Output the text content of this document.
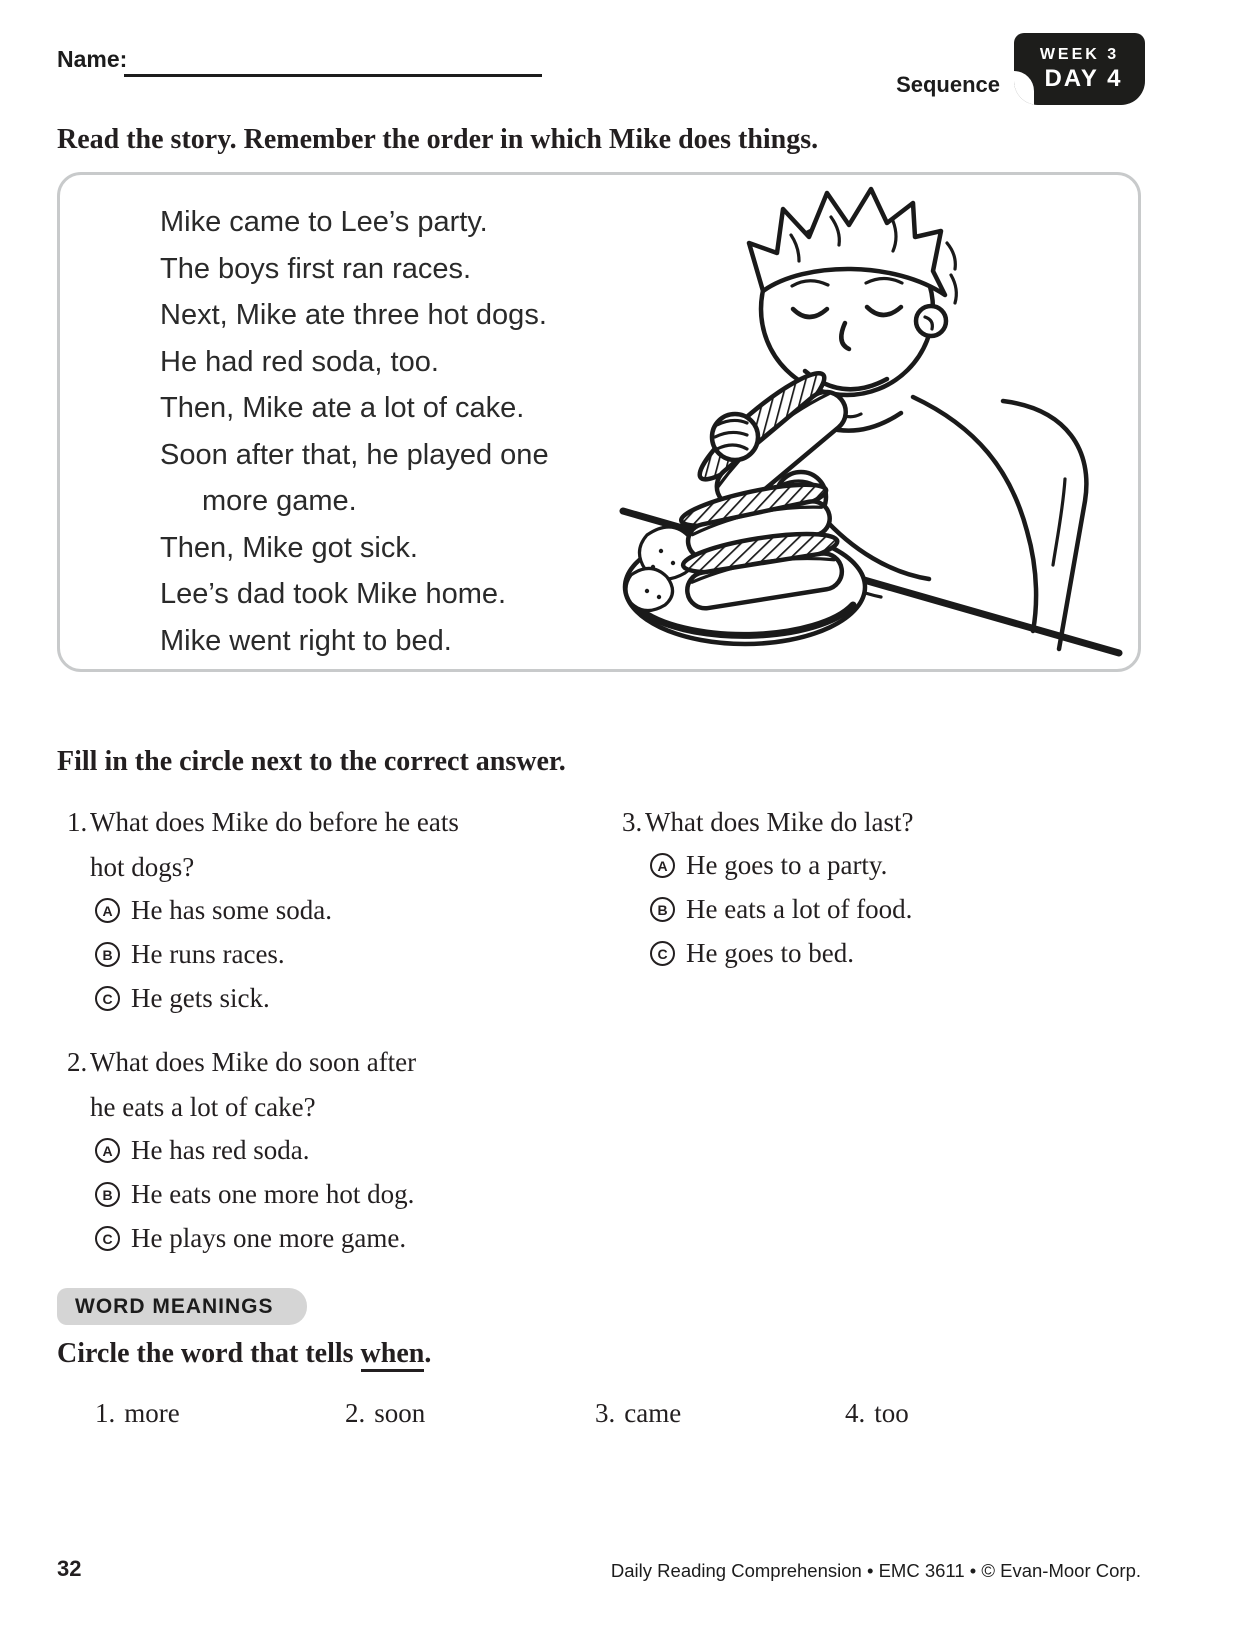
Name:
Sequence
WEEK 3
DAY 4
Read the story. Remember the order in which Mike does things.
Mike came to Lee’s party.
The boys first ran races.
Next, Mike ate three hot dogs.
He had red soda, too.
Then, Mike ate a lot of cake.
Soon after that, he played one
more game.
Then, Mike got sick.
Lee’s dad took Mike home.
Mike went right to bed.
Fill in the circle next to the correct answer.
1. What does Mike do before he eats
hot dogs?
A He has some soda.
B He runs races.
C He gets sick.
2. What does Mike do soon after
he eats a lot of cake?
A He has red soda.
B He eats one more hot dog.
C He plays one more game.
3. What does Mike do last?
A He goes to a party.
B He eats a lot of food.
C He goes to bed.
WORD MEANINGS
Circle the word that tells when.
1. more	2. soon	3. came	4. too
32	Daily Reading Comprehension • EMC 3611 • © Evan-Moor Corp.
